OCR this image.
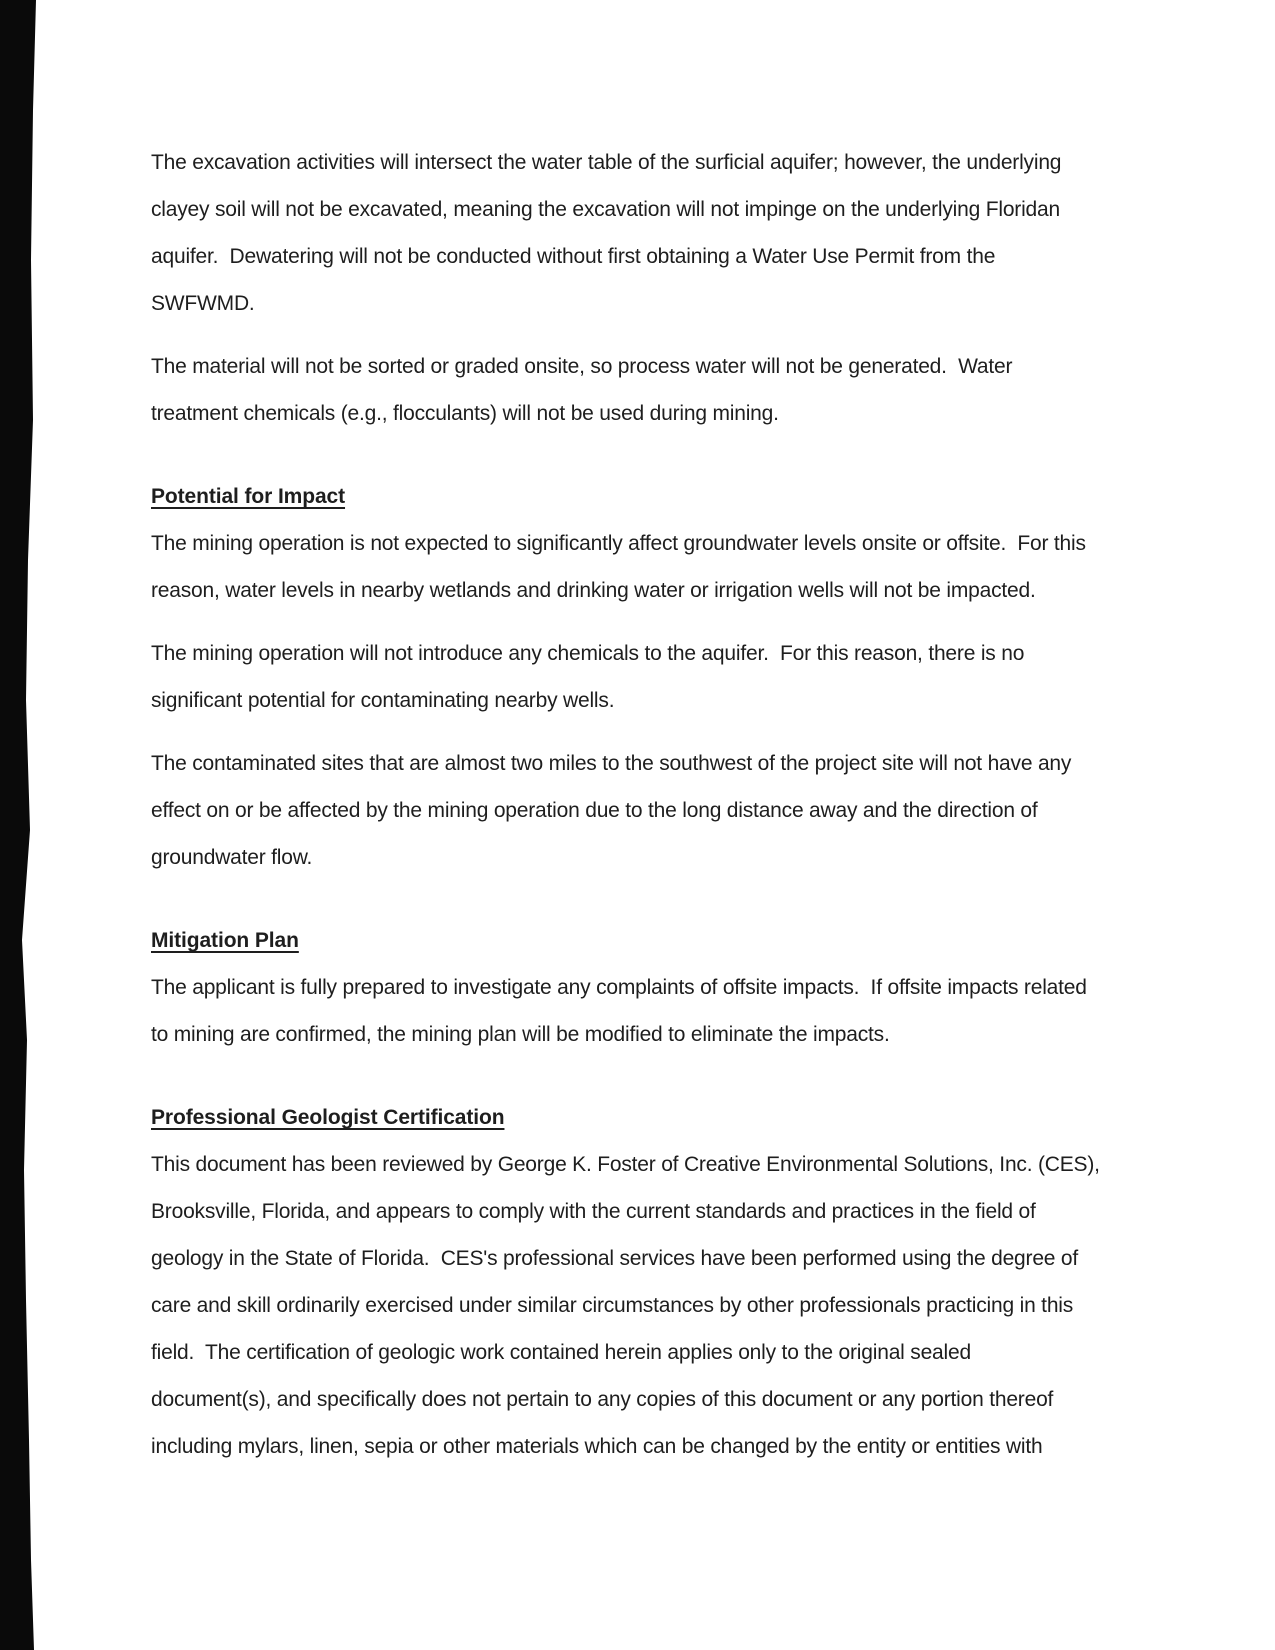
The excavation activities will intersect the water table of the surficial aquifer; however, the underlying
clayey soil will not be excavated, meaning the excavation will not impinge on the underlying Floridan
aquifer.  Dewatering will not be conducted without first obtaining a Water Use Permit from the
SWFWMD.

The material will not be sorted or graded onsite, so process water will not be generated.  Water
treatment chemicals (e.g., flocculants) will not be used during mining.

Potential for Impact

The mining operation is not expected to significantly affect groundwater levels onsite or offsite.  For this
reason, water levels in nearby wetlands and drinking water or irrigation wells will not be impacted.

The mining operation will not introduce any chemicals to the aquifer.  For this reason, there is no
significant potential for contaminating nearby wells.

The contaminated sites that are almost two miles to the southwest of the project site will not have any
effect on or be affected by the mining operation due to the long distance away and the direction of
groundwater flow.

Mitigation Plan

The applicant is fully prepared to investigate any complaints of offsite impacts.  If offsite impacts related
to mining are confirmed, the mining plan will be modified to eliminate the impacts.

Professional Geologist Certification

This document has been reviewed by George K. Foster of Creative Environmental Solutions, Inc. (CES),
Brooksville, Florida, and appears to comply with the current standards and practices in the field of
geology in the State of Florida.  CES's professional services have been performed using the degree of
care and skill ordinarily exercised under similar circumstances by other professionals practicing in this
field.  The certification of geologic work contained herein applies only to the original sealed
document(s), and specifically does not pertain to any copies of this document or any portion thereof
including mylars, linen, sepia or other materials which can be changed by the entity or entities with
